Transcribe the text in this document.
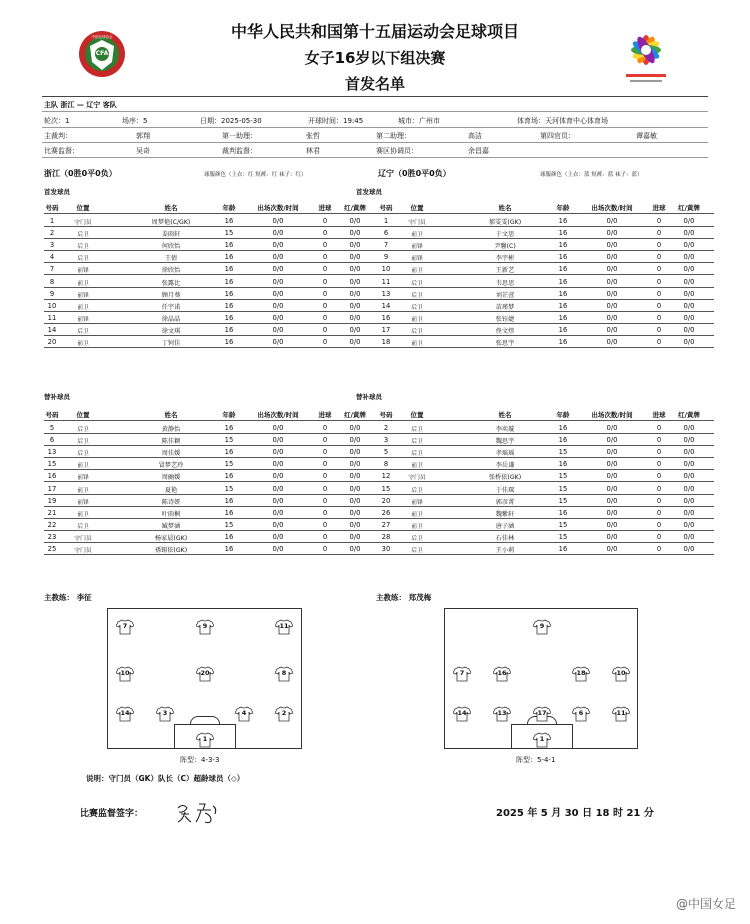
CFA
中国足球协会	中华人民共和国第十五届运动会足球项目
女子16岁以下组决赛
首发名单
主队 浙江 — 辽宁 客队
轮次：1	场序：5	日期：2025-05-30	开球时间：19:45	城市：广州市	体育场：天河体育中心体育场
主裁判：	郭翔	第一助理：	张哲	第二助理：	高洁	第四官员：	谭嘉敏
比赛监督：	吴奇	裁判监督：	林君	赛区协调员：	余昌嘉
浙江（0胜0平0负）	球服颜色（上衣：红 短裤：红 袜子：红）	辽宁（0胜0平0负）	球服颜色（上衣：蓝 短裤：蓝 袜子：蓝）
首发球员	首发球员
号码	位置	姓名	年龄	出场次数/时间	进球	红/黄牌
1	守门员	周梦艳(C/GK)	16	0/0	0	0/0
2	后卫	姜雨轩	15	0/0	0	0/0
3	后卫	何欣怡	16	0/0	0	0/0
4	后卫	王倩	16	0/0	0	0/0
7	前锋	徐欣怡	16	0/0	0	0/0
8	前卫	张露比	16	0/0	0	0/0
9	前锋	顾月葵	16	0/0	0	0/0
10	前卫	任宇诺	16	0/0	0	0/0
11	前锋	徐晶晶	16	0/0	0	0/0
14	后卫	徐文琪	16	0/0	0	0/0
20	前卫	丁钶佳	16	0/0	0	0/0
号码	位置	姓名	年龄	出场次数/时间	进球	红/黄牌
1	守门员	郁雯雯(GK)	16	0/0	0	0/0
6	前卫	于文思	16	0/0	0	0/0
7	前锋	尹馨(C)	16	0/0	0	0/0
9	前锋	李宇彬	16	0/0	0	0/0
10	前卫	王新艺	16	0/0	0	0/0
11	后卫	韦思思	16	0/0	0	0/0
13	后卫	刘芷萱	16	0/0	0	0/0
14	后卫	苗瑾梦	16	0/0	0	0/0
16	前卫	张钰婕	16	0/0	0	0/0
17	后卫	佟文炜	16	0/0	0	0/0
18	前卫	张思宇	16	0/0	0	0/0
替补球员	替补球员
号码	位置	姓名	年龄	出场次数/时间	进球	红/黄牌
5	后卫	黄静怡	16	0/0	0	0/0
6	后卫	陈佳颖	15	0/0	0	0/0
13	后卫	周佳媛	16	0/0	0	0/0
15	前卫	冒梦艺玲	15	0/0	0	0/0
16	前锋	周幽媛	16	0/0	0	0/0
17	前卫	夏艳	15	0/0	0	0/0
19	前锋	陈诗妍	16	0/0	0	0/0
21	前卫	叶雨桐	16	0/0	0	0/0
22	后卫	臧梦涵	15	0/0	0	0/0
23	守门员	杨家晨(GK)	16	0/0	0	0/0
25	守门员	孫锡依(GK)	16	0/0	0	0/0
号码	位置	姓名	年龄	出场次数/时间	进球	红/黄牌
2	后卫	李奕璇	16	0/0	0	0/0
3	后卫	魏思宇	16	0/0	0	0/0
5	后卫	孝瑶瑶	15	0/0	0	0/0
8	前卫	李岳谦	16	0/0	0	0/0
12	守门员	张桥依(GK)	15	0/0	0	0/0
15	后卫	于佳琛	15	0/0	0	0/0
20	前锋	郭彦菁	15	0/0	0	0/0
26	前卫	魏紫轩	16	0/0	0	0/0
27	前卫	唐子涵	15	0/0	0	0/0
28	后卫	石佳林	15	0/0	0	0/0
30	后卫	王小莉	16	0/0	0	0/0
主教练： 李征	主教练： 郑茂梅
7	9	11
10	20	8
14	3	4	2
1
9
7	16	18	10
14	13	17	6	11
1
阵型：4-3-3	阵型：5-4-1
说明：守门员（GK）队长（C）超龄球员（◇）
比赛监督签字：	2025 年 5 月 30 日 18 时 21 分
@中国女足
